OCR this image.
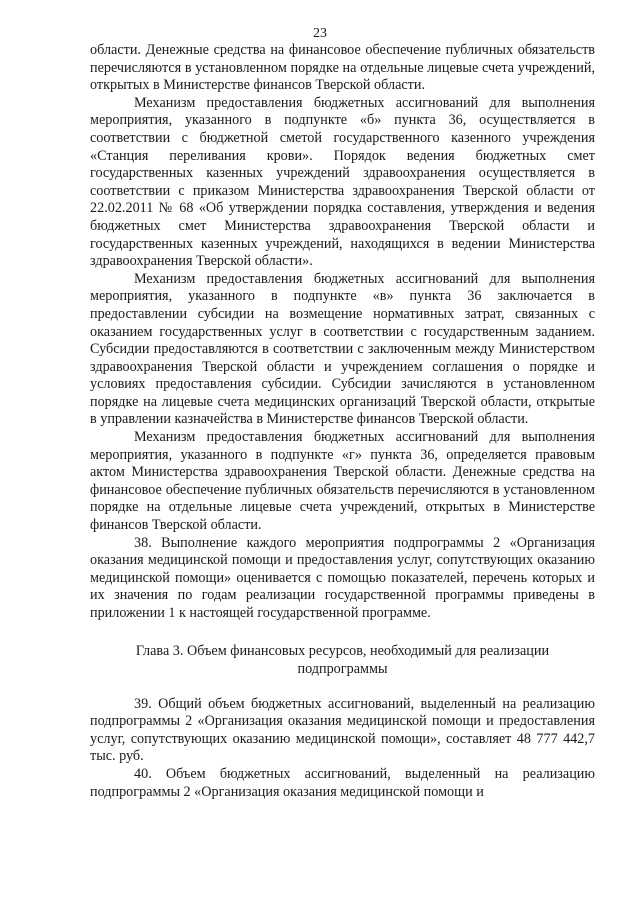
23

области. Денежные средства на финансовое обеспечение публичных обязательств перечисляются в установленном порядке на отдельные лицевые счета учреждений, открытых в Министерстве финансов Тверской области.

Механизм предоставления бюджетных ассигнований для выполнения мероприятия, указанного в подпункте «б» пункта 36, осуществляется в соответствии с бюджетной сметой государственного казенного учреждения «Станция переливания крови». Порядок ведения бюджетных смет государственных казенных учреждений здравоохранения осуществляется в соответствии с приказом Министерства здравоохранения Тверской области от 22.02.2011 № 68 «Об утверждении порядка составления, утверждения и ведения бюджетных смет Министерства здравоохранения Тверской области и государственных казенных учреждений, находящихся в ведении Министерства здравоохранения Тверской области».

Механизм предоставления бюджетных ассигнований для выполнения мероприятия, указанного в подпункте «в» пункта 36 заключается в предоставлении субсидии на возмещение нормативных затрат, связанных с оказанием государственных услуг в соответствии с государственным заданием. Субсидии предоставляются в соответствии с заключенным между Министерством здравоохранения Тверской области и учреждением соглашения о порядке и условиях предоставления субсидии. Субсидии зачисляются в установленном порядке на лицевые счета медицинских организаций Тверской области, открытые в управлении казначейства в Министерстве финансов Тверской области.

Механизм предоставления бюджетных ассигнований для выполнения мероприятия, указанного в подпункте «г» пункта 36, определяется правовым актом Министерства здравоохранения Тверской области. Денежные средства на финансовое обеспечение публичных обязательств перечисляются в установленном порядке на отдельные лицевые счета учреждений, открытых в Министерстве финансов Тверской области.

38. Выполнение каждого мероприятия подпрограммы 2 «Организация оказания медицинской помощи и предоставления услуг, сопутствующих оказанию медицинской помощи» оценивается с помощью показателей, перечень которых и их значения по годам реализации государственной программы приведены в приложении 1 к настоящей государственной программе.

Глава 3. Объем финансовых ресурсов, необходимый для реализации
подпрограммы

39. Общий объем бюджетных ассигнований, выделенный на реализацию подпрограммы 2 «Организация оказания медицинской помощи и предоставления услуг, сопутствующих оказанию медицинской помощи», составляет 48 777 442,7 тыс. руб.

40. Объем бюджетных ассигнований, выделенный на реализацию подпрограммы 2 «Организация оказания медицинской помощи и
